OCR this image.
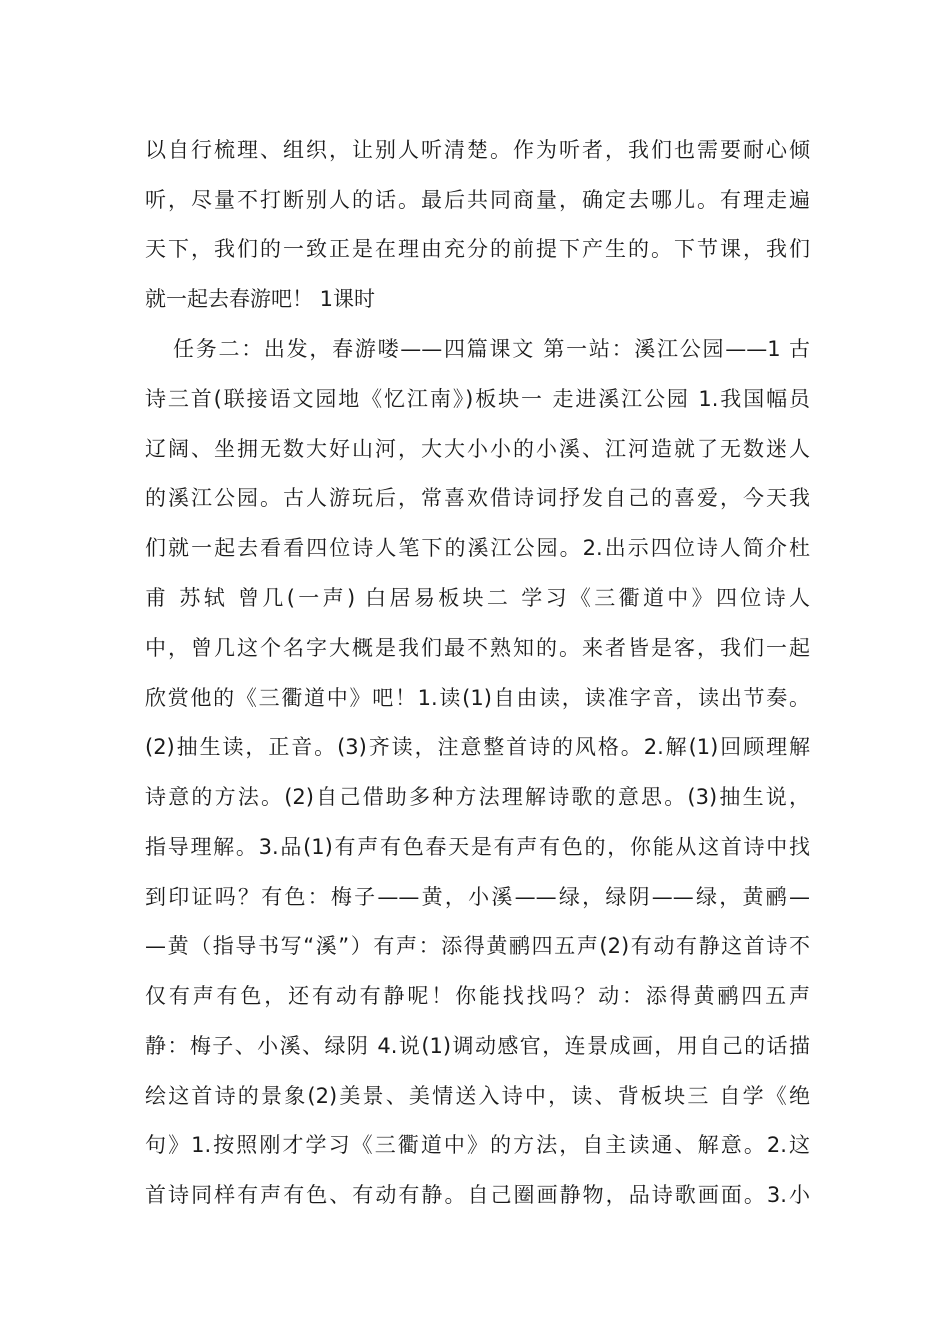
以自行梳理、组织，让别人听清楚。作为听者，我们也需要耐心倾
听，尽量不打断别人的话。最后共同商量，确定去哪儿。有理走遍
天下，我们的一致正是在理由充分的前提下产生的。下节课，我们
就一起去春游吧！ 1课时
任务二：出发，春游喽——四篇课文 第一站：溪江公园——1 古
诗三首(联接语文园地《忆江南》)板块一 走进溪江公园 1.我国幅员
辽阔、坐拥无数大好山河，大大小小的小溪、江河造就了无数迷人
的溪江公园。古人游玩后，常喜欢借诗词抒发自己的喜爱，今天我
们就一起去看看四位诗人笔下的溪江公园。2.出示四位诗人简介杜
甫 苏轼 曾几(一声) 白居易板块二 学习《三衢道中》四位诗人
中，曾几这个名字大概是我们最不熟知的。来者皆是客，我们一起
欣赏他的《三衢道中》吧！1.读(1)自由读，读准字音，读出节奏。
(2)抽生读，正音。(3)齐读，注意整首诗的风格。2.解(1)回顾理解
诗意的方法。(2)自己借助多种方法理解诗歌的意思。(3)抽生说，
指导理解。3.品(1)有声有色春天是有声有色的，你能从这首诗中找
到印证吗？有色：梅子——黄，小溪——绿，绿阴——绿，黄鹂—
—黄（指导书写“溪”）有声：添得黄鹂四五声(2)有动有静这首诗不
仅有声有色，还有动有静呢！你能找找吗？动：添得黄鹂四五声
静：梅子、小溪、绿阴 4.说(1)调动感官，连景成画，用自己的话描
绘这首诗的景象(2)美景、美情送入诗中，读、背板块三 自学《绝
句》1.按照刚才学习《三衢道中》的方法，自主读通、解意。2.这
首诗同样有声有色、有动有静。自己圈画静物，品诗歌画面。3.小
